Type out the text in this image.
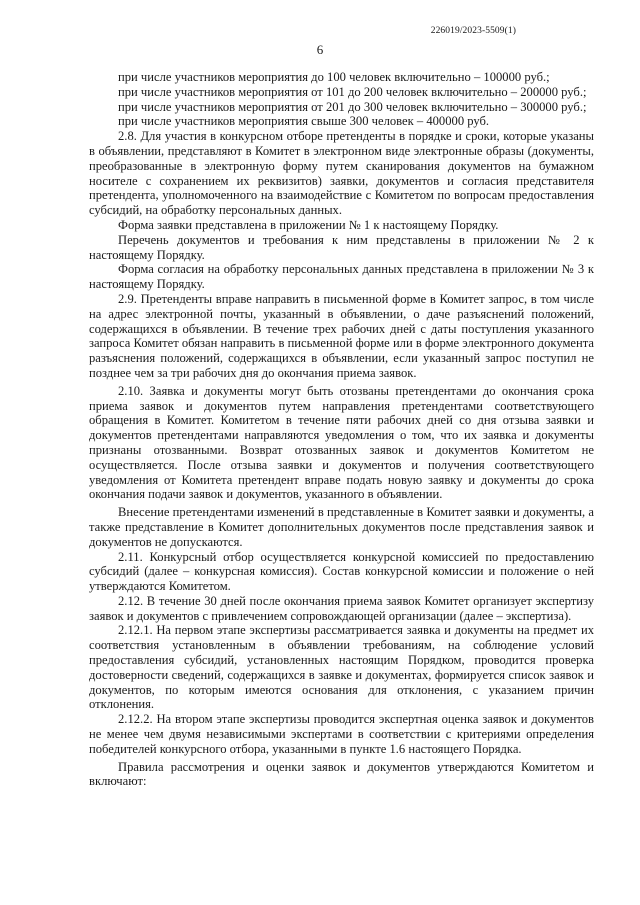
226019/2023-5509(1)
6

при числе участников мероприятия до 100 человек включительно – 100000 руб.;

при числе участников мероприятия от 101 до 200 человек включительно – 200000 руб.;

при числе участников мероприятия от 201 до 300 человек включительно – 300000 руб.;

при числе участников мероприятия свыше 300 человек – 400000 руб.

2.8. Для участия в конкурсном отборе претенденты в порядке и сроки, которые указаны в объявлении, представляют в Комитет в электронном виде электронные образы (документы, преобразованные в электронную форму путем сканирования документов на бумажном носителе с сохранением их реквизитов) заявки, документов и согласия представителя претендента, уполномоченного на взаимодействие с Комитетом по вопросам предоставления субсидий, на обработку персональных данных.

Форма заявки представлена в приложении № 1 к настоящему Порядку.

Перечень документов и требования к ним представлены в приложении № 2 к настоящему Порядку.

Форма согласия на обработку персональных данных представлена в приложении № 3 к настоящему Порядку.

2.9. Претенденты вправе направить в письменной форме в Комитет запрос, в том числе на адрес электронной почты, указанный в объявлении, о даче разъяснений положений, содержащихся в объявлении. В течение трех рабочих дней с даты поступления указанного запроса Комитет обязан направить в письменной форме или в форме электронного документа разъяснения положений, содержащихся в объявлении, если указанный запрос поступил не позднее чем за три рабочих дня до окончания приема заявок.

2.10. Заявка и документы могут быть отозваны претендентами до окончания срока приема заявок и документов путем направления претендентами соответствующего обращения в Комитет. Комитетом в течение пяти рабочих дней со дня отзыва заявки и документов претендентами направляются уведомления о том, что их заявка и документы признаны отозванными. Возврат отозванных заявок и документов Комитетом не осуществляется. После отзыва заявки и документов и получения соответствующего уведомления от Комитета претендент вправе подать новую заявку и документы до срока окончания подачи заявок и документов, указанного в объявлении.

Внесение претендентами изменений в представленные в Комитет заявки и документы, а также представление в Комитет дополнительных документов после представления заявок и документов не допускаются.

2.11. Конкурсный отбор осуществляется конкурсной комиссией по предоставлению субсидий (далее – конкурсная комиссия). Состав конкурсной комиссии и положение о ней утверждаются Комитетом.

2.12. В течение 30 дней после окончания приема заявок Комитет организует экспертизу заявок и документов с привлечением сопровождающей организации (далее – экспертиза).

2.12.1. На первом этапе экспертизы рассматривается заявка и документы на предмет их соответствия установленным в объявлении требованиям, на соблюдение условий предоставления субсидий, установленных настоящим Порядком, проводится проверка достоверности сведений, содержащихся в заявке и документах, формируется список заявок и документов, по которым имеются основания для отклонения, с указанием причин отклонения.

2.12.2. На втором этапе экспертизы проводится экспертная оценка заявок и документов не менее чем двумя независимыми экспертами в соответствии с критериями определения победителей конкурсного отбора, указанными в пункте 1.6 настоящего Порядка.

Правила рассмотрения и оценки заявок и документов утверждаются Комитетом и включают:
